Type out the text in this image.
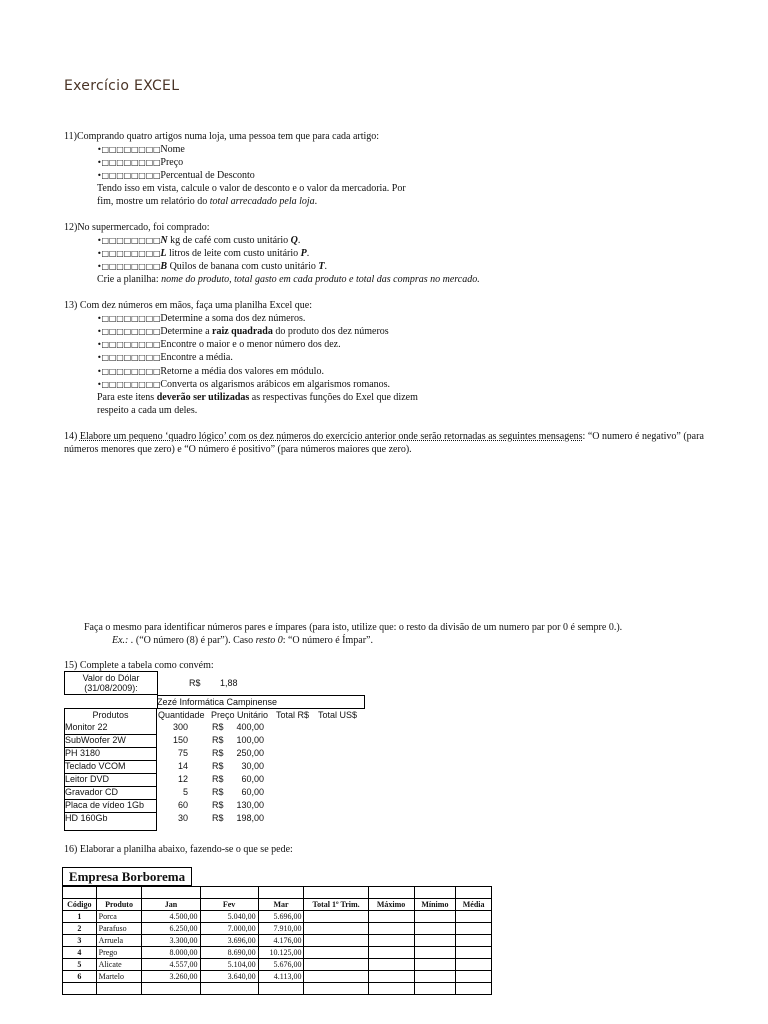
Exercício EXCEL
11)Comprando quatro artigos numa loja, uma pessoa tem que para cada artigo:
•□□□□□□□□Nome
•□□□□□□□□Preço
•□□□□□□□□Percentual de Desconto
Tendo isso em vista, calcule o valor de desconto e o valor da mercadoria. Por
fim, mostre um relatório do total arrecadado pela loja.
12)No supermercado, foi comprado:
•□□□□□□□□N kg de café com custo unitário Q.
•□□□□□□□□L litros de leite com custo unitário P.
•□□□□□□□□B Quilos de banana com custo unitário T.
Crie a planilha: nome do produto, total gasto em cada produto e total das compras no mercado.
13) Com dez números em mãos, faça uma planilha Excel que:
•□□□□□□□□Determine a soma dos dez números.
•□□□□□□□□Determine a raiz quadrada do produto dos dez números
•□□□□□□□□Encontre o maior e o menor número dos dez.
•□□□□□□□□Encontre a média.
•□□□□□□□□Retorne a média dos valores em módulo.
•□□□□□□□□Converta os algarismos arábicos em algarismos romanos.
Para este itens deverão ser utilizadas as respectivas funções do Exel que dizem
respeito a cada um deles.
14) Elabore um pequeno ‘quadro lógico’ com os dez números do exercício anterior onde serão retornadas as seguintes mensagens: “O numero é negativo” (para números menores que zero) e “O número é positivo” (para números maiores que zero).
Faça o mesmo para identificar números pares e ímpares (para isto, utilize que: o resto da divisão de um numero par por 0 é sempre 0.).
Ex.: . (“O número (8) é par”). Caso resto 0: “O número é Ímpar”.
15) Complete a tabela como convém:
Valor do Dólar
(31/08/2009):	R$ 1,88
Zezé Informática Campinense
Produtos	Quantidade Preço Unitário Total R$ Total US$
Monitor 22	300	R$	400,00
SubWoofer 2W	150	R$	100,00
PH 3180	75	R$	250,00
Teclado VCOM	14	R$	30,00
Leitor DVD	12	R$	60,00
Gravador CD	5	R$	60,00
Placa de vídeo 1Gb	60	R$	130,00
HD 160Gb	30	R$	198,00
16) Elaborar a planilha abaixo, fazendo-se o que se pede:
Empresa Borborema

Código	Produto	Jan	Fev	Mar	Total 1º Trim.	Máximo	Mínimo	Média
1	Porca	4.500,00	5.040,00	5.696,00				
2	Parafuso	6.250,00	7.000,00	7.910,00				
3	Arruela	3.300,00	3.696,00	4.176,00				
4	Prego	8.000,00	8.690,00	10.125,00				
5	Alicate	4.557,00	5.104,00	5.676,00				
6	Martelo	3.260,00	3.640,00	4.113,00				
